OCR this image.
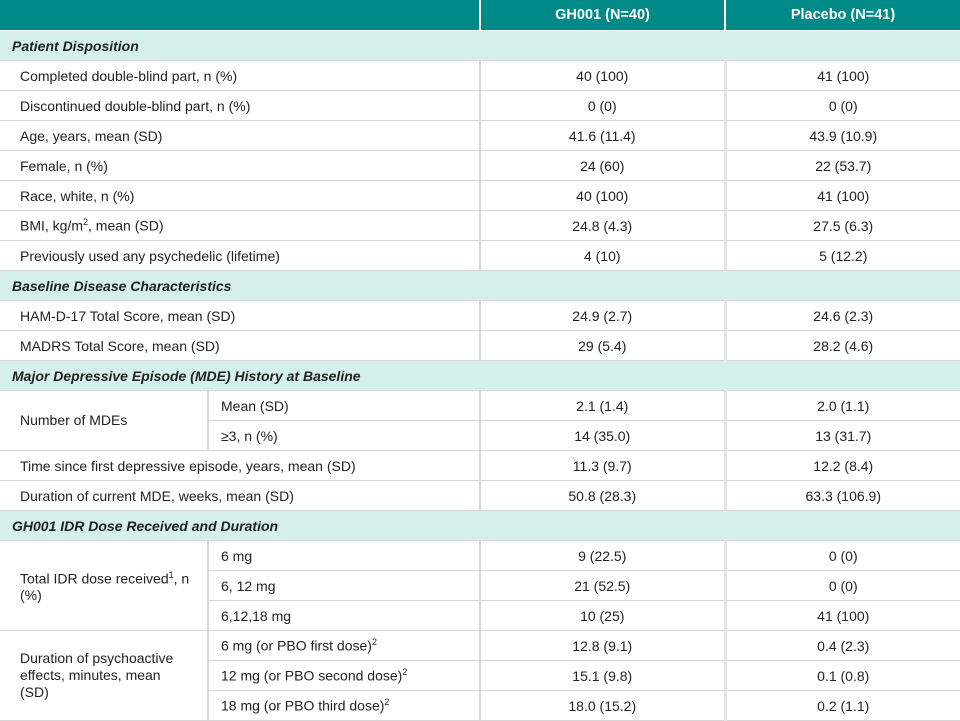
		GH001 (N=40)	Placebo (N=41)
Patient Disposition			
Completed double-blind part, n (%)		40 (100)	41 (100)
Discontinued double-blind part, n (%)		0 (0)	0 (0)
Age, years, mean (SD)		41.6 (11.4)	43.9 (10.9)
Female, n (%)		24 (60)	22 (53.7)
Race, white, n (%)		40 (100)	41 (100)
BMI, $kg/m^2$, mean (SD)		24.8 (4.3)	27.5 (6.3)
Previously used any psychedelic (lifetime)		4 (10)	5 (12.2)
Baseline Disease Characteristics			
HAM-D-17 Total Score, mean (SD)		24.9 (2.7)	24.6 (2.3)
MADRS Total Score, mean (SD)		29 (5.4)	28.2 (4.6)
Major Depressive Episode (MDE) History at Baseline			
Number of MDEs	Mean (SD)	2.1 (1.4)	2.0 (1.1)
	≥3, n (%)	14 (35.0)	13 (31.7)
Time since first depressive episode, years, mean (SD)		11.3 (9.7)	12.2 (8.4)
Duration of current MDE, weeks, mean (SD)		50.8 (28.3)	63.3 (106.9)
GH001 IDR Dose Received and Duration			
Total IDR dose received$^1$, n (%)	6 mg	9 (22.5)	0 (0)
	6, 12 mg	21 (52.5)	0 (0)
	6,12,18 mg	10 (25)	41 (100)
Duration of psychoactive effects, minutes, mean (SD)	6 mg (or PBO first dose)$^2$	12.8 (9.1)	0.4 (2.3)
	12 mg (or PBO second dose)$^2$	15.1 (9.8)	0.1 (0.8)
	18 mg (or PBO third dose)$^2$	18.0 (15.2)	0.2 (1.1)
